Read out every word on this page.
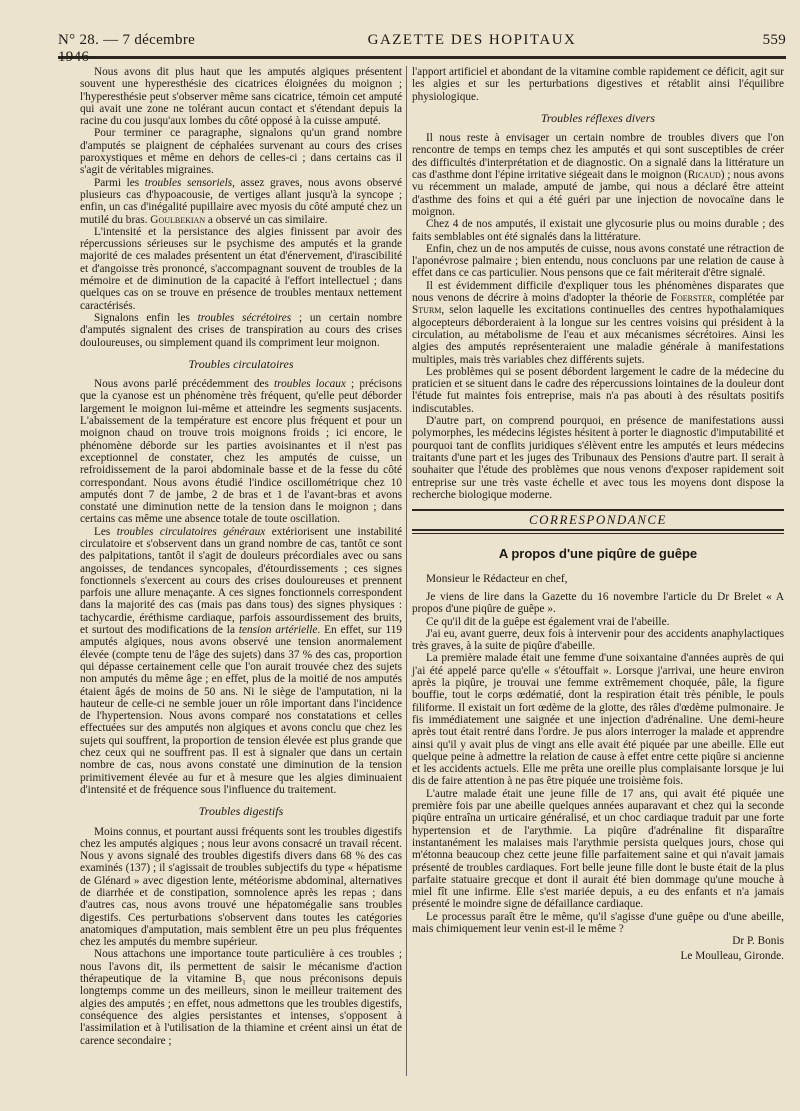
N° 28. — 7 décembre 1946
GAZETTE DES HOPITAUX	559

Nous avons dit plus haut que les amputés algiques présentent souvent une hyperesthésie des cicatrices éloignées du moignon ; l'hyperesthésie peut s'observer même sans cicatrice, témoin cet amputé qui avait une zone ne tolérant aucun contact et s'étendant depuis la racine du cou jusqu'aux lombes du côté opposé à la cuisse amputé.

Pour terminer ce paragraphe, signalons qu'un grand nombre d'amputés se plaignent de céphalées survenant au cours des crises paroxystiques et même en dehors de celles-ci ; dans certains cas il s'agit de véritables migraines.

Parmi les troubles sensoriels, assez graves, nous avons observé plusieurs cas d'hypoacousie, de vertiges allant jusqu'à la syncope ; enfin, un cas d'inégalité pupillaire avec myosis du côté amputé chez un mutilé du bras. Goulbekian a observé un cas similaire.

L'intensité et la persistance des algies finissent par avoir des répercussions sérieuses sur le psychisme des amputés et la grande majorité de ces malades présentent un état d'énervement, d'irascibilité et d'angoisse très prononcé, s'accompagnant souvent de troubles de la mémoire et de diminution de la capacité à l'effort intellectuel ; dans quelques cas on se trouve en présence de troubles mentaux nettement caractérisés.

Signalons enfin les troubles sécrétoires ; un certain nombre d'amputés signalent des crises de transpiration au cours des crises douloureuses, ou simplement quand ils compriment leur moignon.

Troubles circulatoires

Nous avons parlé précédemment des troubles locaux ; précisons que la cyanose est un phénomène très fréquent, qu'elle peut déborder largement le moignon lui-même et atteindre les segments susjacents. L'abaissement de la température est encore plus fréquent et pour un moignon chaud on trouve trois moignons froids ; ici encore, le phénomène déborde sur les parties avoisinantes et il n'est pas exceptionnel de constater, chez les amputés de cuisse, un refroidissement de la paroi abdominale basse et de la fesse du côté correspondant. Nous avons étudié l'indice oscillométrique chez 10 amputés dont 7 de jambe, 2 de bras et 1 de l'avant-bras et avons constaté une diminution nette de la tension dans le moignon ; dans certains cas même une absence totale de toute oscillation.

Les troubles circulatoires généraux extériorisent une instabilité circulatoire et s'observent dans un grand nombre de cas, tantôt ce sont des palpitations, tantôt il s'agit de douleurs précordiales avec ou sans angoisses, de tendances syncopales, d'étourdissements ; ces signes fonctionnels s'exercent au cours des crises douloureuses et prennent parfois une allure menaçante. A ces signes fonctionnels correspondent dans la majorité des cas (mais pas dans tous) des signes physiques : tachycardie, éréthisme cardiaque, parfois assourdissement des bruits, et surtout des modifications de la tension artérielle. En effet, sur 119 amputés algiques, nous avons observé une tension anormalement élevée (compte tenu de l'âge des sujets) dans 37 % des cas, proportion qui dépasse certainement celle que l'on aurait trouvée chez des sujets non amputés du même âge ; en effet, plus de la moitié de nos amputés étaient âgés de moins de 50 ans. Ni le siège de l'amputation, ni la hauteur de celle-ci ne semble jouer un rôle important dans l'incidence de l'hypertension. Nous avons comparé nos constatations et celles effectuées sur des amputés non algiques et avons conclu que chez les sujets qui souffrent, la proportion de tension élevée est plus grande que chez ceux qui ne souffrent pas. Il est à signaler que dans un certain nombre de cas, nous avons constaté une diminution de la tension primitivement élevée au fur et à mesure que les algies diminuaient d'intensité et de fréquence sous l'influence du traitement.

Troubles digestifs

Moins connus, et pourtant aussi fréquents sont les troubles digestifs chez les amputés algiques ; nous leur avons consacré un travail récent. Nous y avons signalé des troubles digestifs divers dans 68 % des cas examinés (137) ; il s'agissait de troubles subjectifs du type « hépatisme de Glénard » avec digestion lente, météorisme abdominal, alternatives de diarrhée et de constipation, somnolence après les repas ; dans d'autres cas, nous avons trouvé une hépatomégalie sans troubles digestifs. Ces perturbations s'observent dans toutes les catégories anatomiques d'amputation, mais semblent être un peu plus fréquentes chez les amputés du membre supérieur.

Nous attachons une importance toute particulière à ces troubles ; nous l'avons dit, ils permettent de saisir le mécanisme d'action thérapeutique de la vitamine B₁ que nous préconisons depuis longtemps comme un des meilleurs, sinon le meilleur traitement des algies des amputés ; en effet, nous admettons que les troubles digestifs, conséquence des algies persistantes et intenses, s'opposent à l'assimilation et à l'utilisation de la thiamine et créent ainsi un état de carence secondaire ;

l'apport artificiel et abondant de la vitamine comble rapidement ce déficit, agit sur les algies et sur les perturbations digestives et rétablit ainsi l'équilibre physiologique.

Troubles réflexes divers

Il nous reste à envisager un certain nombre de troubles divers que l'on rencontre de temps en temps chez les amputés et qui sont susceptibles de créer des difficultés d'interprétation et de diagnostic. On a signalé dans la littérature un cas d'asthme dont l'épine irritative siégeait dans le moignon (Ricaud) ; nous avons vu récemment un malade, amputé de jambe, qui nous a déclaré être atteint d'asthme des foins et qui a été guéri par une injection de novocaïne dans le moignon.

Chez 4 de nos amputés, il existait une glycosurie plus ou moins durable ; des faits semblables ont été signalés dans la littérature.

Enfin, chez un de nos amputés de cuisse, nous avons constaté une rétraction de l'aponévrose palmaire ; bien entendu, nous concluons par une relation de cause à effet dans ce cas particulier. Nous pensons que ce fait mériterait d'être signalé.

Il est évidemment difficile d'expliquer tous les phénomènes disparates que nous venons de décrire à moins d'adopter la théorie de Foerster, complétée par Sturm, selon laquelle les excitations continuelles des centres hypothalamiques algocepteurs déborderaient à la longue sur les centres voisins qui président à la circulation, au métabolisme de l'eau et aux mécanismes sécrétoires. Ainsi les algies des amputés représenteraient une maladie générale à manifestations multiples, mais très variables chez différents sujets.

Les problèmes qui se posent débordent largement le cadre de la médecine du praticien et se situent dans le cadre des répercussions lointaines de la douleur dont l'étude fut maintes fois entreprise, mais n'a pas abouti à des résultats positifs indiscutables.

D'autre part, on comprend pourquoi, en présence de manifestations aussi polymorphes, les médecins légistes hésitent à porter le diagnostic d'imputabilité et pourquoi tant de conflits juridiques s'élèvent entre les amputés et leurs médecins traitants d'une part et les juges des Tribunaux des Pensions d'autre part. Il serait à souhaiter que l'étude des problèmes que nous venons d'exposer rapidement soit entreprise sur une très vaste échelle et avec tous les moyens dont dispose la recherche biologique moderne.

CORRESPONDANCE
A propos d'une piqûre de guêpe

Monsieur le Rédacteur en chef,

Je viens de lire dans la Gazette du 16 novembre l'article du Dr Brelet « A propos d'une piqûre de guêpe ».

Ce qu'il dit de la guêpe est également vrai de l'abeille.

J'ai eu, avant guerre, deux fois à intervenir pour des accidents anaphylactiques très graves, à la suite de piqûre d'abeille.

La première malade était une femme d'une soixantaine d'années auprès de qui j'ai été appelé parce qu'elle « s'étouffait ». Lorsque j'arrivai, une heure environ après la piqûre, je trouvai une femme extrêmement choquée, pâle, la figure bouffie, tout le corps œdématié, dont la respiration était très pénible, le pouls filiforme. Il existait un fort œdème de la glotte, des râles d'œdème pulmonaire. Je fis immédiatement une saignée et une injection d'adrénaline. Une demi-heure après tout était rentré dans l'ordre. Je pus alors interroger la malade et apprendre ainsi qu'il y avait plus de vingt ans elle avait été piquée par une abeille. Elle eut quelque peine à admettre la relation de cause à effet entre cette piqûre si ancienne et les accidents actuels. Elle me prêta une oreille plus complaisante lorsque je lui dis de faire attention à ne pas être piquée une troisième fois.

L'autre malade était une jeune fille de 17 ans, qui avait été piquée une première fois par une abeille quelques années auparavant et chez qui la seconde piqûre entraîna un urticaire généralisé, et un choc cardiaque traduit par une forte hypertension et de l'arythmie. La piqûre d'adrénaline fit disparaître instantanément les malaises mais l'arythmie persista quelques jours, chose qui m'étonna beaucoup chez cette jeune fille parfaitement saine et qui n'avait jamais présenté de troubles cardiaques. Fort belle jeune fille dont le buste était de la plus parfaite statuaire grecque et dont il aurait été bien dommage qu'une mouche à miel fît une infirme. Elle s'est mariée depuis, a eu des enfants et n'a jamais présenté le moindre signe de défaillance cardiaque.

Le processus paraît être le même, qu'il s'agisse d'une guêpe ou d'une abeille, mais chimiquement leur venin est-il le même ?

Dr P. Bonis

Le Moulleau, Gironde.
